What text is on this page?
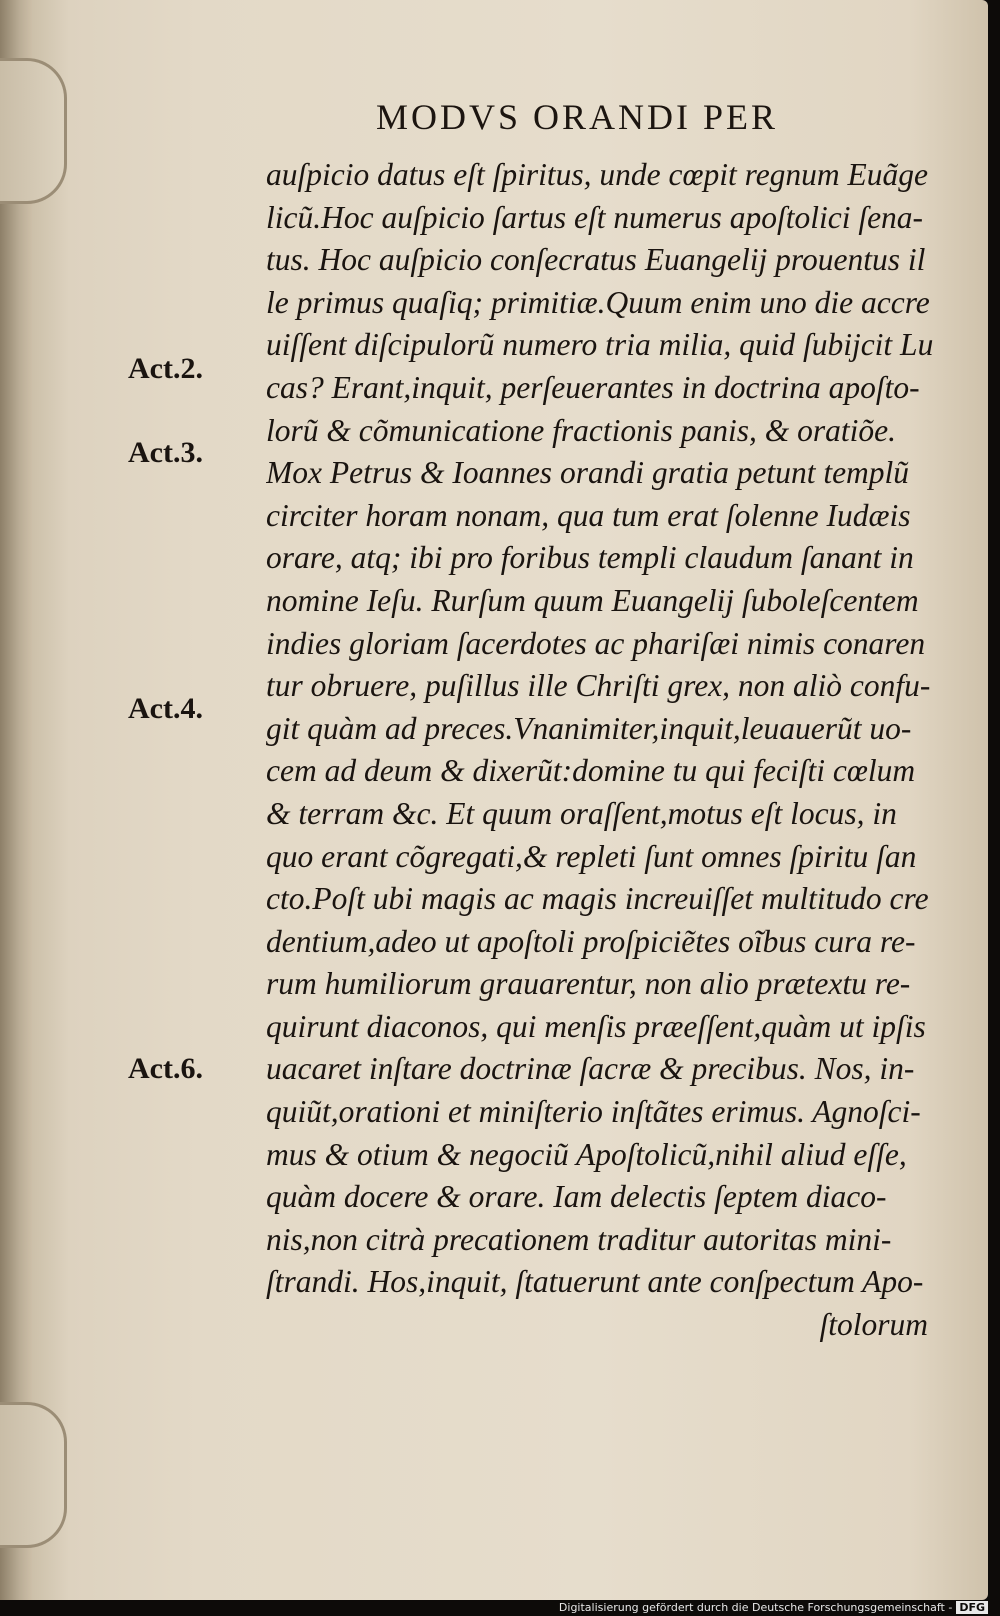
MODVS ORANDI PER
auſpicio datus eſt ſpiritus, unde cœpit regnum Euãge
licũ.Hoc auſpicio ſartus eſt numerus apoſtolici ſena-
tus. Hoc auſpicio conſecratus Euangelij prouentus il
le primus quaſiq; primitiæ.Quum enim uno die accre
uiſſent diſcipulorũ numero tria milia, quid ſubijcit Lu
cas? Erant,inquit, perſeuerantes in doctrina apoſto-
lorũ & cõmunicatione fractionis panis, & oratiõe.
Mox Petrus & Ioannes orandi gratia petunt templũ
circiter horam nonam, qua tum erat ſolenne Iudæis
orare, atq; ibi pro foribus templi claudum ſanant in
nomine Ieſu. Rurſum quum Euangelij ſuboleſcentem
indies gloriam ſacerdotes ac phariſæi nimis conaren
tur obruere, puſillus ille Chriſti grex, non aliò confu-
git quàm ad preces.Vnanimiter,inquit,leuauerũt uo-
cem ad deum & dixerũt:domine tu qui feciſti cœlum
& terram &c. Et quum oraſſent,motus eſt locus, in
quo erant cõgregati,& repleti ſunt omnes ſpiritu ſan
cto.Poſt ubi magis ac magis increuiſſet multitudo cre
dentium,adeo ut apoſtoli proſpiciẽtes oĩbus cura re-
rum humiliorum grauarentur, non alio prætextu re-
quirunt diaconos, qui menſis præeſſent,quàm ut ipſis
uacaret inſtare doctrinæ ſacræ & precibus. Nos, in-
quiũt,orationi et miniſterio inſtãtes erimus. Agnoſci-
mus & otium & negociũ Apoſtolicũ,nihil aliud eſſe,
quàm docere & orare. Iam delectis ſeptem diaco-
nis,non citrà precationem traditur autoritas mini-
ſtrandi. Hos,inquit, ſtatuerunt ante conſpectum Apo-
ſtolorum
Act.2.
Act.3.
Act.4.
Act.6.
Digitalisierung gefördert durch die Deutsche Forschungsgemeinschaft - DFG
